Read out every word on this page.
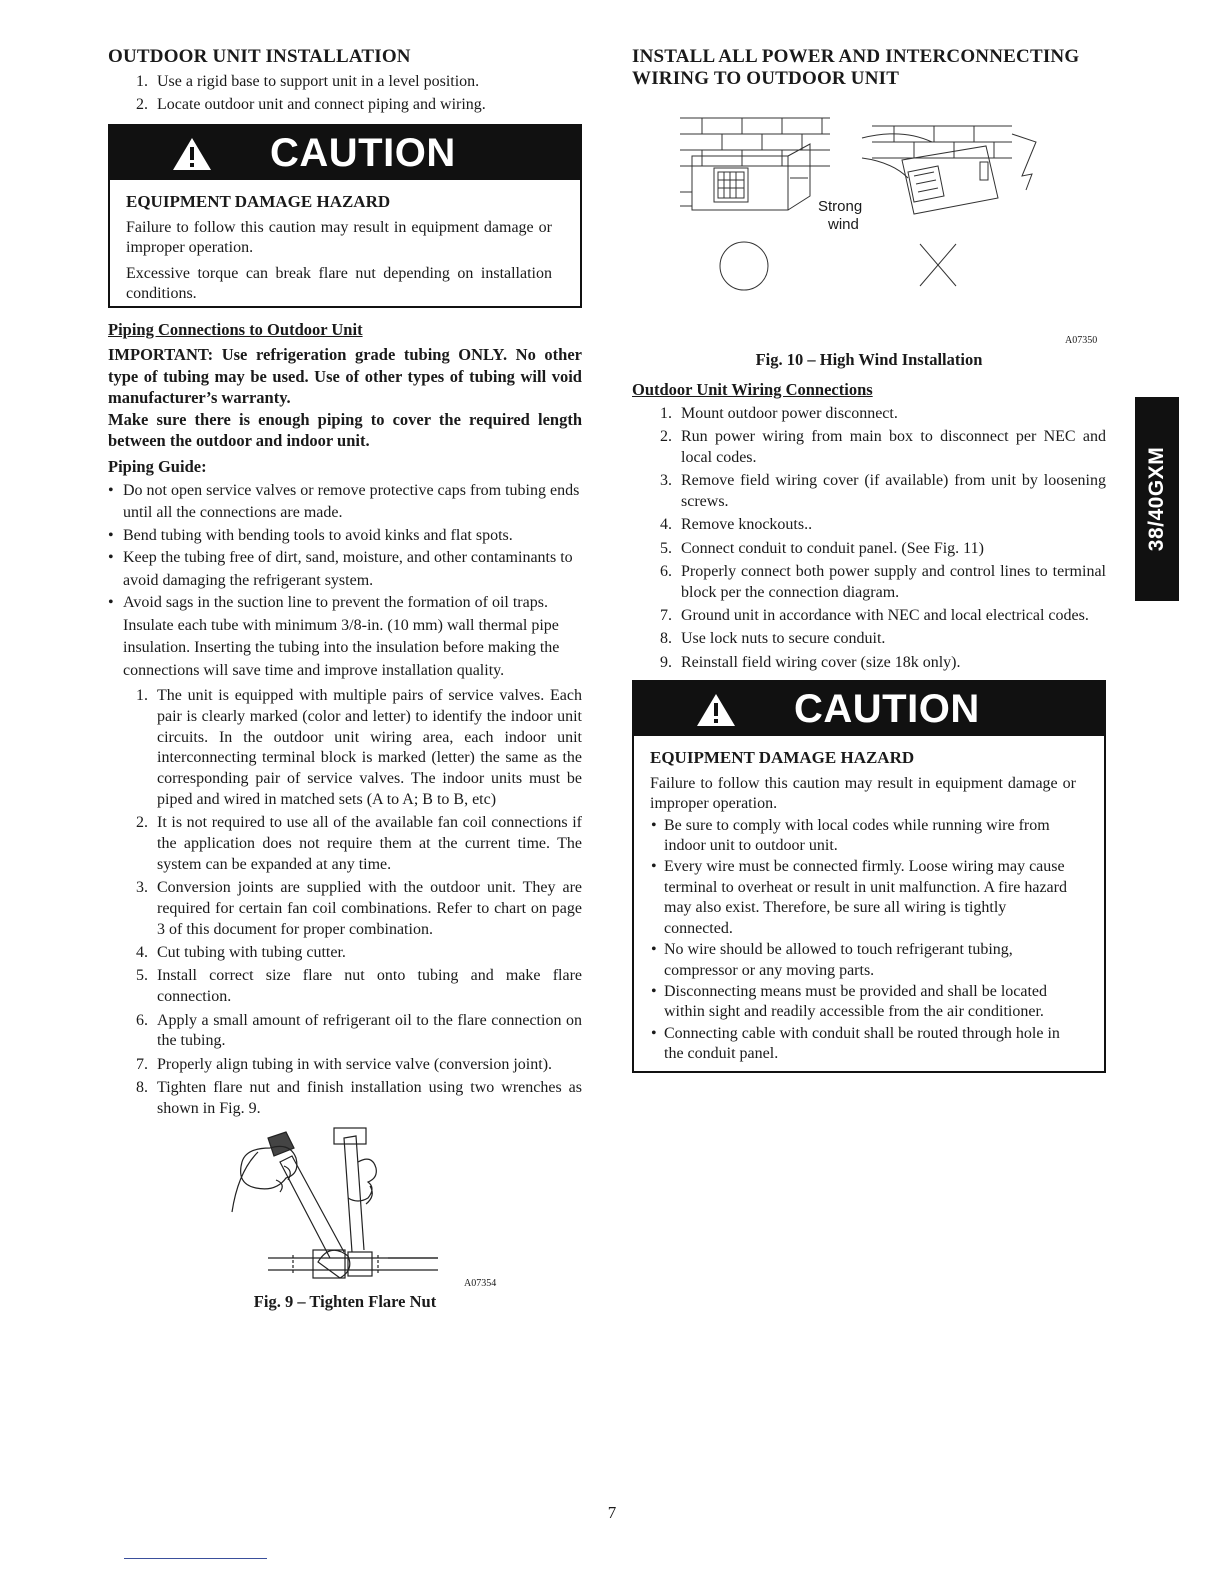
OUTDOOR UNIT INSTALLATION
1. Use a rigid base to support unit in a level position.
2. Locate outdoor unit and connect piping and wiring.
CAUTION
EQUIPMENT DAMAGE HAZARD

Failure to follow this caution may result in equipment damage or improper operation.

Excessive torque can break flare nut depending on installation conditions.

Piping Connections to Outdoor Unit

IMPORTANT: Use refrigeration grade tubing ONLY. No other type of tubing may be used. Use of other types of tubing will void manufacturer’s warranty.

Make sure there is enough piping to cover the required length between the outdoor and indoor unit.

Piping Guide:
• Do not open service valves or remove protective caps from tubing ends until all the connections are made.
• Bend tubing with bending tools to avoid kinks and flat spots.
• Keep the tubing free of dirt, sand, moisture, and other contaminants to avoid damaging the refrigerant system.
• Avoid sags in the suction line to prevent the formation of oil traps. Insulate each tube with minimum 3/8-in. (10 mm) wall thermal pipe insulation. Inserting the tubing into the insulation before making the connections will save time and improve installation quality.
1. The unit is equipped with multiple pairs of service valves. Each pair is clearly marked (color and letter) to identify the indoor unit circuits. In the outdoor unit wiring area, each indoor unit interconnecting terminal block is marked (letter) the same as the corresponding pair of service valves. The indoor units must be piped and wired in matched sets (A to A; B to B, etc)
2. It is not required to use all of the available fan coil connections if the application does not require them at the current time. The system can be expanded at any time.
3. Conversion joints are supplied with the outdoor unit. They are required for certain fan coil combinations. Refer to chart on page 3 of this document for proper combination.
4. Cut tubing with tubing cutter.
5. Install correct size flare nut onto tubing and make flare connection.
6. Apply a small amount of refrigerant oil to the flare connection on the tubing.
7. Properly align tubing in with service valve (conversion joint).
8. Tighten flare nut and finish installation using two wrenches as shown in Fig. 9.
A07354
Fig. 9 – Tighten Flare Nut
INSTALL ALL POWER AND INTERCONNECTING WIRING TO OUTDOOR UNIT
Strong
wind
A07350
Fig. 10 – High Wind Installation
Outdoor Unit Wiring Connections
1. Mount outdoor power disconnect.
2. Run power wiring from main box to disconnect per NEC and local codes.
3. Remove field wiring cover (if available) from unit by loosening screws.
4. Remove knockouts..
5. Connect conduit to conduit panel. (See Fig. 11)
6. Properly connect both power supply and control lines to terminal block per the connection diagram.
7. Ground unit in accordance with NEC and local electrical codes.
8. Use lock nuts to secure conduit.
9. Reinstall field wiring cover (size 18k only).
CAUTION
EQUIPMENT DAMAGE HAZARD

Failure to follow this caution may result in equipment damage or improper operation.

• Be sure to comply with local codes while running wire from indoor unit to outdoor unit.
• Every wire must be connected firmly. Loose wiring may cause terminal to overheat or result in unit malfunction. A fire hazard may also exist. Therefore, be sure all wiring is tightly connected.
• No wire should be allowed to touch refrigerant tubing, compressor or any moving parts.
• Disconnecting means must be provided and shall be located within sight and readily accessible from the air conditioner.
• Connecting cable with conduit shall be routed through hole in the conduit panel.
38/40GXM
7
